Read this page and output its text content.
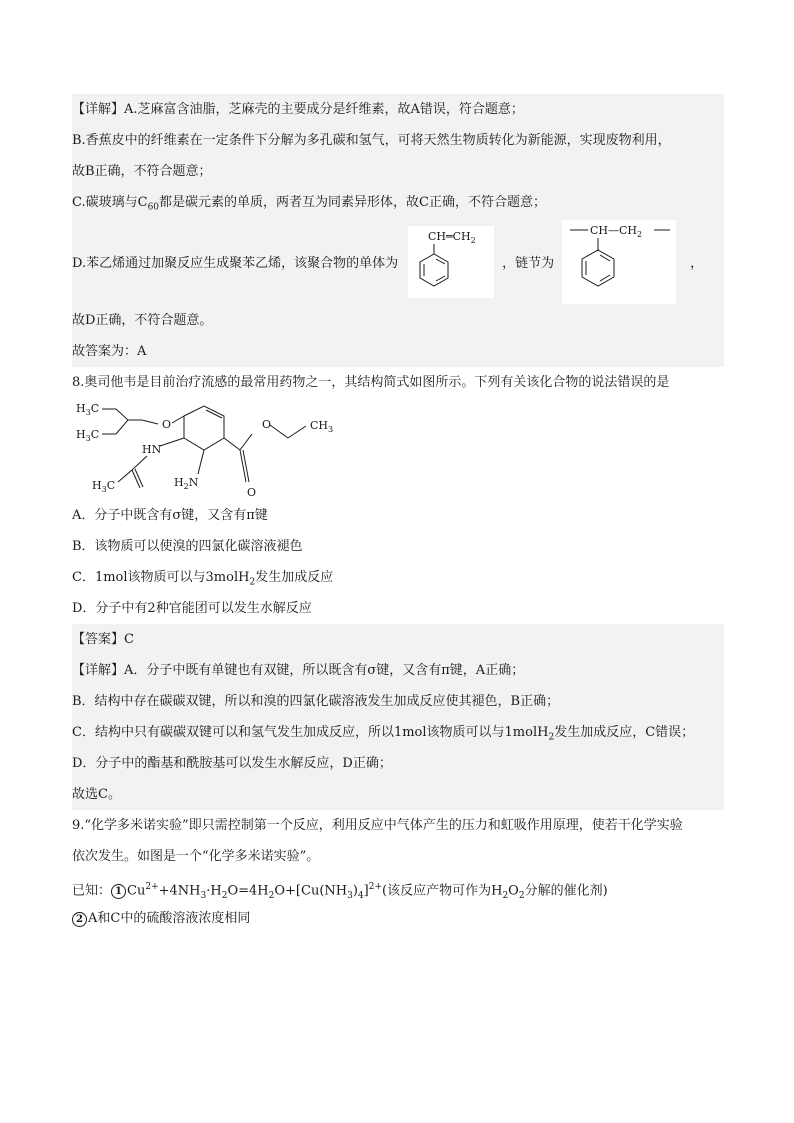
【详解】A.芝麻富含油脂，芝麻壳的主要成分是纤维素，故A错误，符合题意；
B.香蕉皮中的纤维素在一定条件下分解为多孔碳和氢气，可将天然生物质转化为新能源，实现废物利用，
故B正确，不符合题意；
C.碳玻璃与$C_{60}$都是碳元素的单质，两者互为同素异形体，故C正确，不符合题意；
D.苯乙烯通过加聚反应生成聚苯乙烯，该聚合物的单体为
$CH═CH_2$
，链节为
$CH—CH_2$
，
故D正确，不符合题意。
故答案为：A
8.奥司他韦是目前治疗流感的最常用药物之一，其结构简式如图所示。下列有关该化合物的说法错误的是
$H_3C$
$H_3C$
O
HN
$H_3C$	$H_2N$
O
O
$CH_3$
A．分子中既含有σ键，又含有π键
B．该物质可以使溴的四氯化碳溶液褪色
C．1mol该物质可以与3molH$_2$发生加成反应
D．分子中有2种官能团可以发生水解反应
【答案】C
【详解】A．分子中既有单键也有双键，所以既含有σ键，又含有π键，A正确；
B．结构中存在碳碳双键，所以和溴的四氯化碳溶液发生加成反应使其褪色，B正确；
C．结构中只有碳碳双键可以和氢气发生加成反应，所以1mol该物质可以与1molH$_2$发生加成反应，C错误；
D．分子中的酯基和酰胺基可以发生水解反应，D正确；
故选C。
9.“化学多米诺实验”即只需控制第一个反应，利用反应中气体产生的压力和虹吸作用原理，使若干化学实验
依次发生。如图是一个“化学多米诺实验”。
已知： 1 $Cu^{2+}+4NH_3\cdot H_2O=4H_2O+[Cu(NH_3)_4]^{2+}$(该反应产物可作为$H_2O_2$分解的催化剂)
2 A和C中的硫酸溶液浓度相同
